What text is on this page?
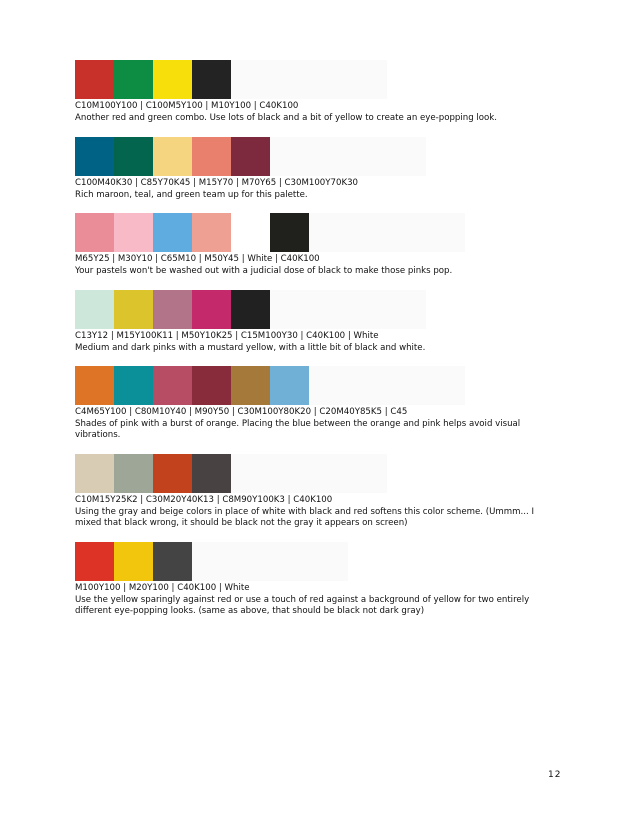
C10M100Y100 | C100M5Y100 | M10Y100 | C40K100
Another red and green combo. Use lots of black and a bit of yellow to create an eye-popping look.
C100M40K30 | C85Y70K45 | M15Y70 | M70Y65 | C30M100Y70K30
Rich maroon, teal, and green team up for this palette.
M65Y25 | M30Y10 | C65M10 | M50Y45 | White | C40K100
Your pastels won't be washed out with a judicial dose of black to make those pinks pop.
C13Y12 | M15Y100K11 | M50Y10K25 | C15M100Y30 | C40K100 | White
Medium and dark pinks with a mustard yellow, with a little bit of black and white.
C4M65Y100 | C80M10Y40 | M90Y50 | C30M100Y80K20 | C20M40Y85K5 | C45
Shades of pink with a burst of orange. Placing the blue between the orange and pink helps avoid visual vibrations.
C10M15Y25K2 | C30M20Y40K13 | C8M90Y100K3 | C40K100
Using the gray and beige colors in place of white with black and red softens this color scheme. (Ummm... I mixed that black wrong, it should be black not the gray it appears on screen)
M100Y100 | M20Y100 | C40K100 | White
Use the yellow sparingly against red or use a touch of red against a background of yellow for two entirely different eye-popping looks. (same as above, that should be black not dark gray)
12
